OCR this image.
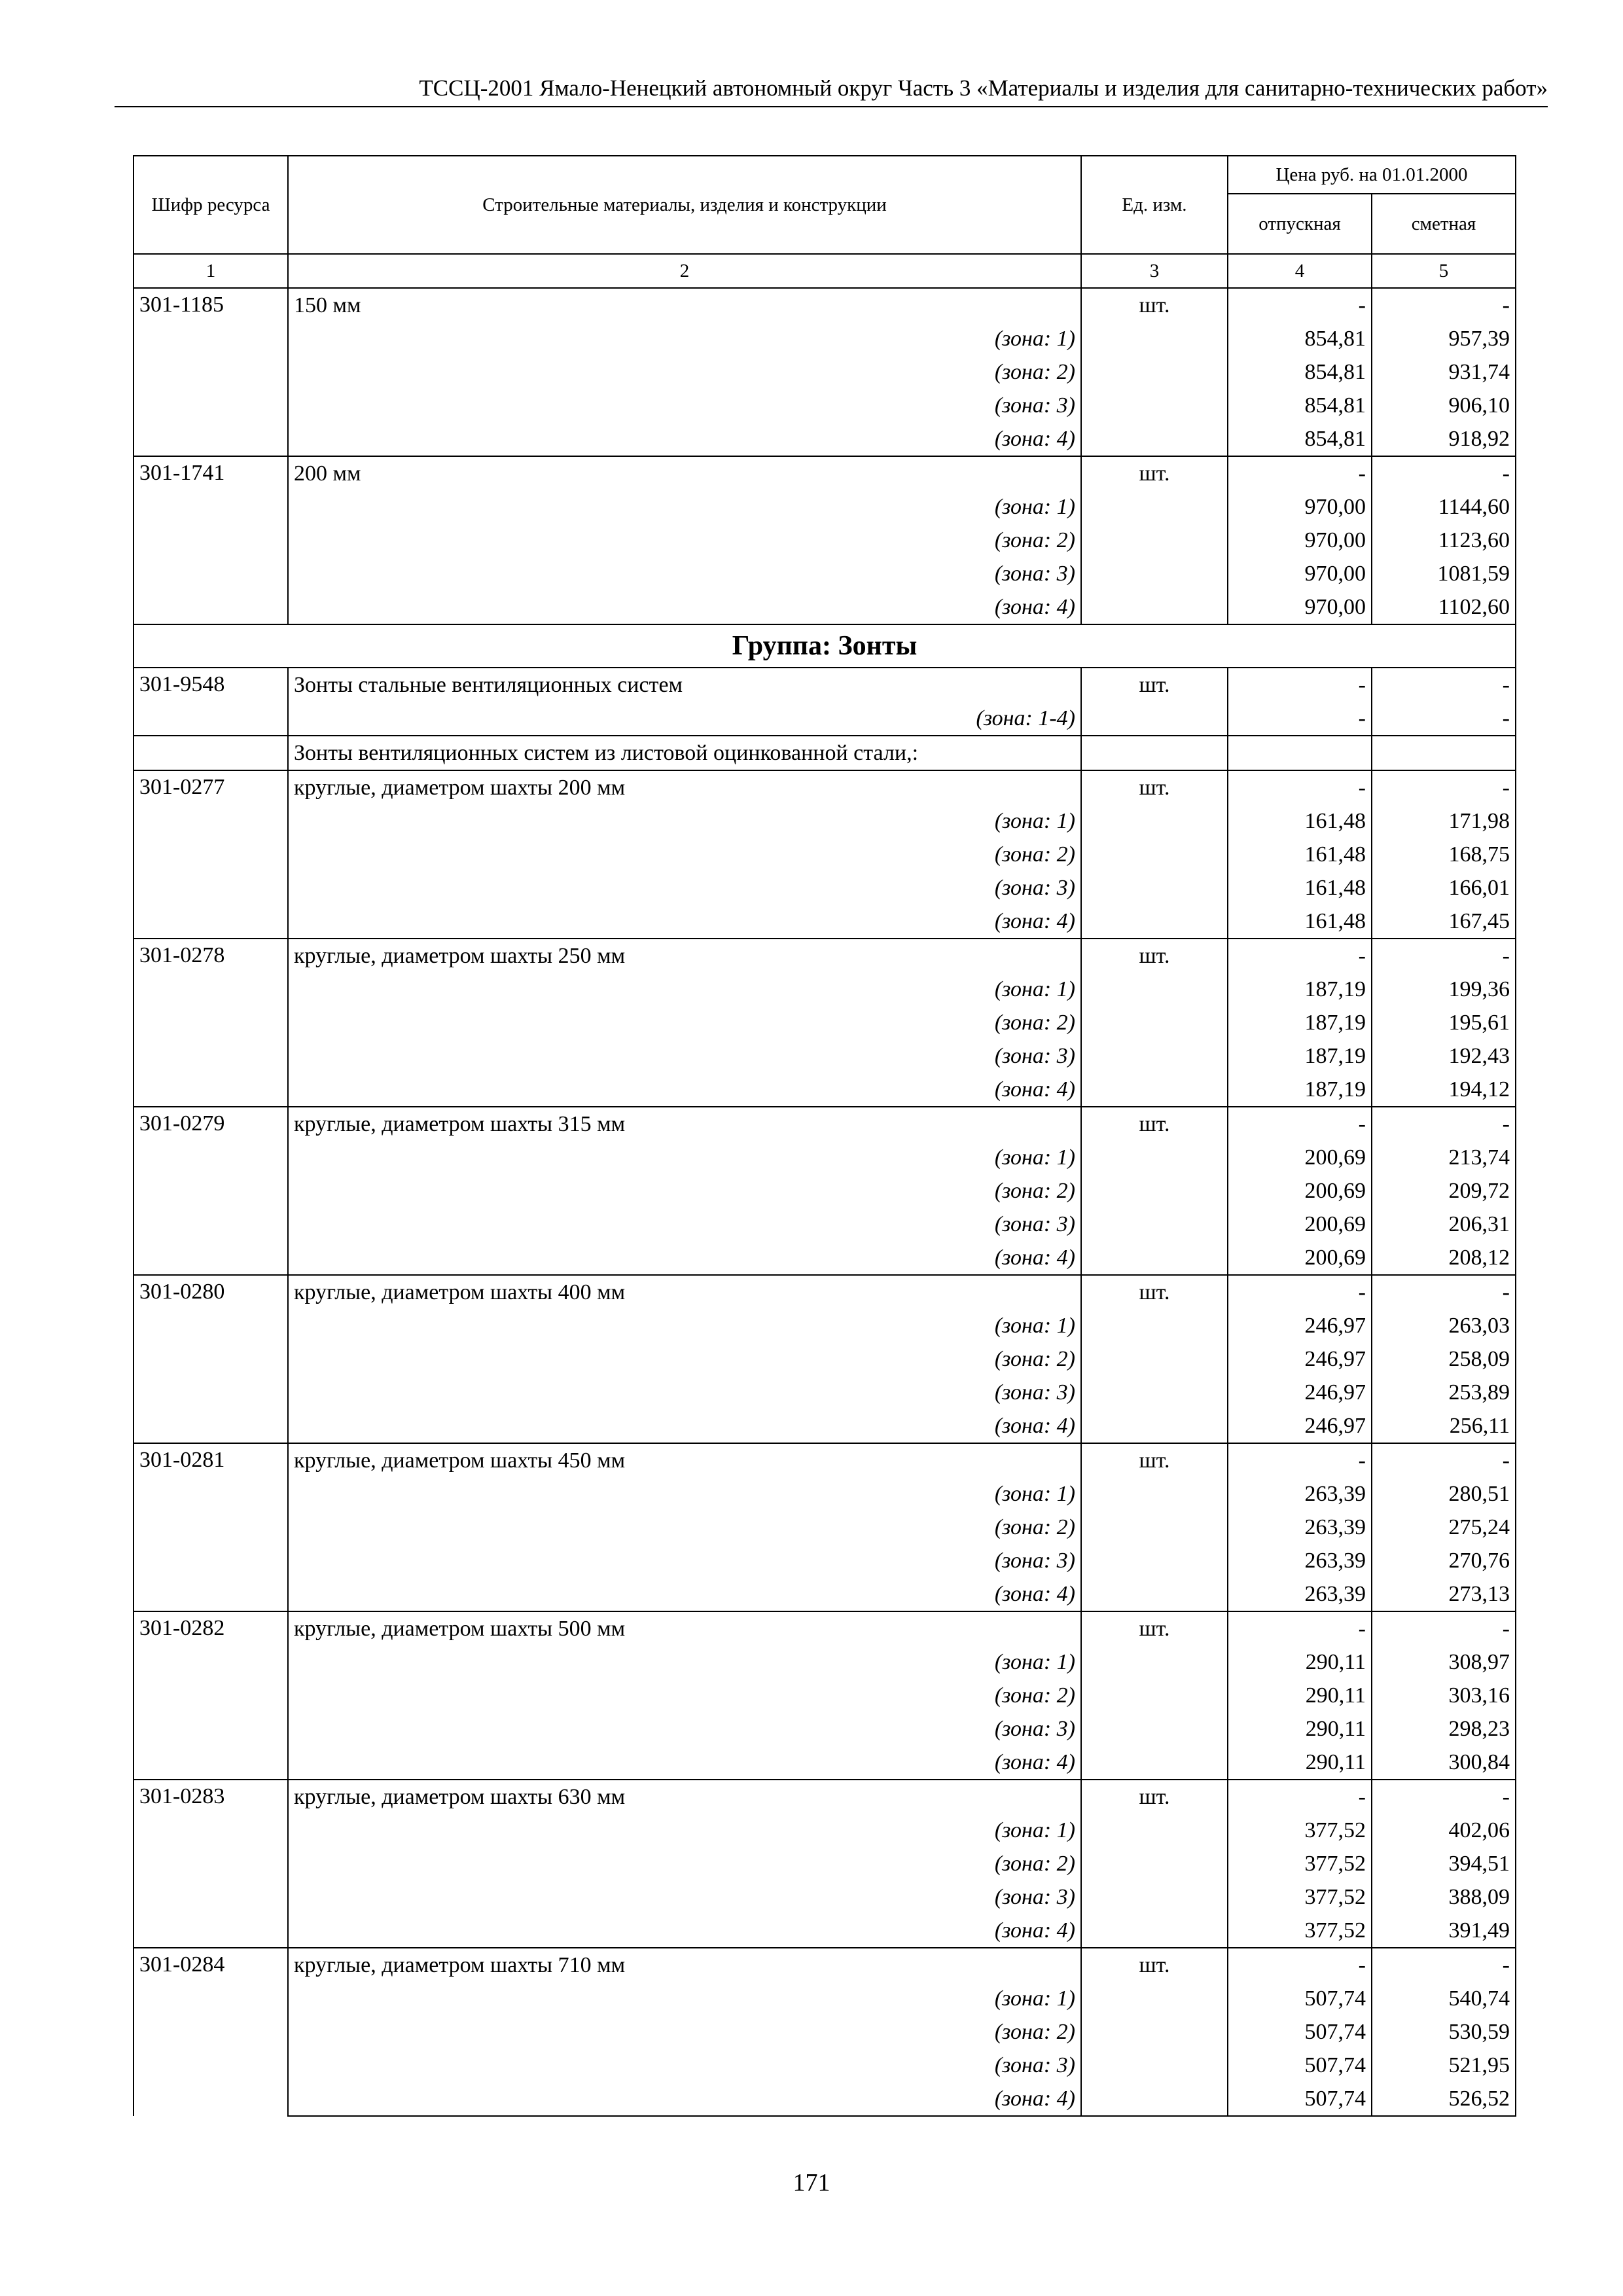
ТССЦ-2001 Ямало-Ненецкий автономный округ Часть 3 «Материалы и изделия для санитарно-технических работ»
Шифр ресурса	Строительные материалы, изделия и конструкции	Ед. изм.	Цена руб. на 01.01.2000	
			отпускная	сметная
1	2	3	4	5
301-1185	150 мм	шт.	-	-
	(зона: 1)		854,81	957,39
	(зона: 2)		854,81	931,74
	(зона: 3)		854,81	906,10
	(зона: 4)		854,81	918,92
301-1741	200 мм	шт.	-	-
	(зона: 1)		970,00	1144,60
	(зона: 2)		970,00	1123,60
	(зона: 3)		970,00	1081,59
	(зона: 4)		970,00	1102,60
Группа: Зонты				
301-9548	Зонты стальные вентиляционных систем	шт.	-	-
	(зона: 1-4)		-	-
	Зонты вентиляционных систем из листовой оцинкованной стали,:			
301-0277	круглые, диаметром шахты 200 мм	шт.	-	-
	(зона: 1)		161,48	171,98
	(зона: 2)		161,48	168,75
	(зона: 3)		161,48	166,01
	(зона: 4)		161,48	167,45
301-0278	круглые, диаметром шахты 250 мм	шт.	-	-
	(зона: 1)		187,19	199,36
	(зона: 2)		187,19	195,61
	(зона: 3)		187,19	192,43
	(зона: 4)		187,19	194,12
301-0279	круглые, диаметром шахты 315 мм	шт.	-	-
	(зона: 1)		200,69	213,74
	(зона: 2)		200,69	209,72
	(зона: 3)		200,69	206,31
	(зона: 4)		200,69	208,12
301-0280	круглые, диаметром шахты 400 мм	шт.	-	-
	(зона: 1)		246,97	263,03
	(зона: 2)		246,97	258,09
	(зона: 3)		246,97	253,89
	(зона: 4)		246,97	256,11
301-0281	круглые, диаметром шахты 450 мм	шт.	-	-
	(зона: 1)		263,39	280,51
	(зона: 2)		263,39	275,24
	(зона: 3)		263,39	270,76
	(зона: 4)		263,39	273,13
301-0282	круглые, диаметром шахты 500 мм	шт.	-	-
	(зона: 1)		290,11	308,97
	(зона: 2)		290,11	303,16
	(зона: 3)		290,11	298,23
	(зона: 4)		290,11	300,84
301-0283	круглые, диаметром шахты 630 мм	шт.	-	-
	(зона: 1)		377,52	402,06
	(зона: 2)		377,52	394,51
	(зона: 3)		377,52	388,09
	(зона: 4)		377,52	391,49
301-0284	круглые, диаметром шахты 710 мм	шт.	-	-
	(зона: 1)		507,74	540,74
	(зона: 2)		507,74	530,59
	(зона: 3)		507,74	521,95
	(зона: 4)		507,74	526,52
171
